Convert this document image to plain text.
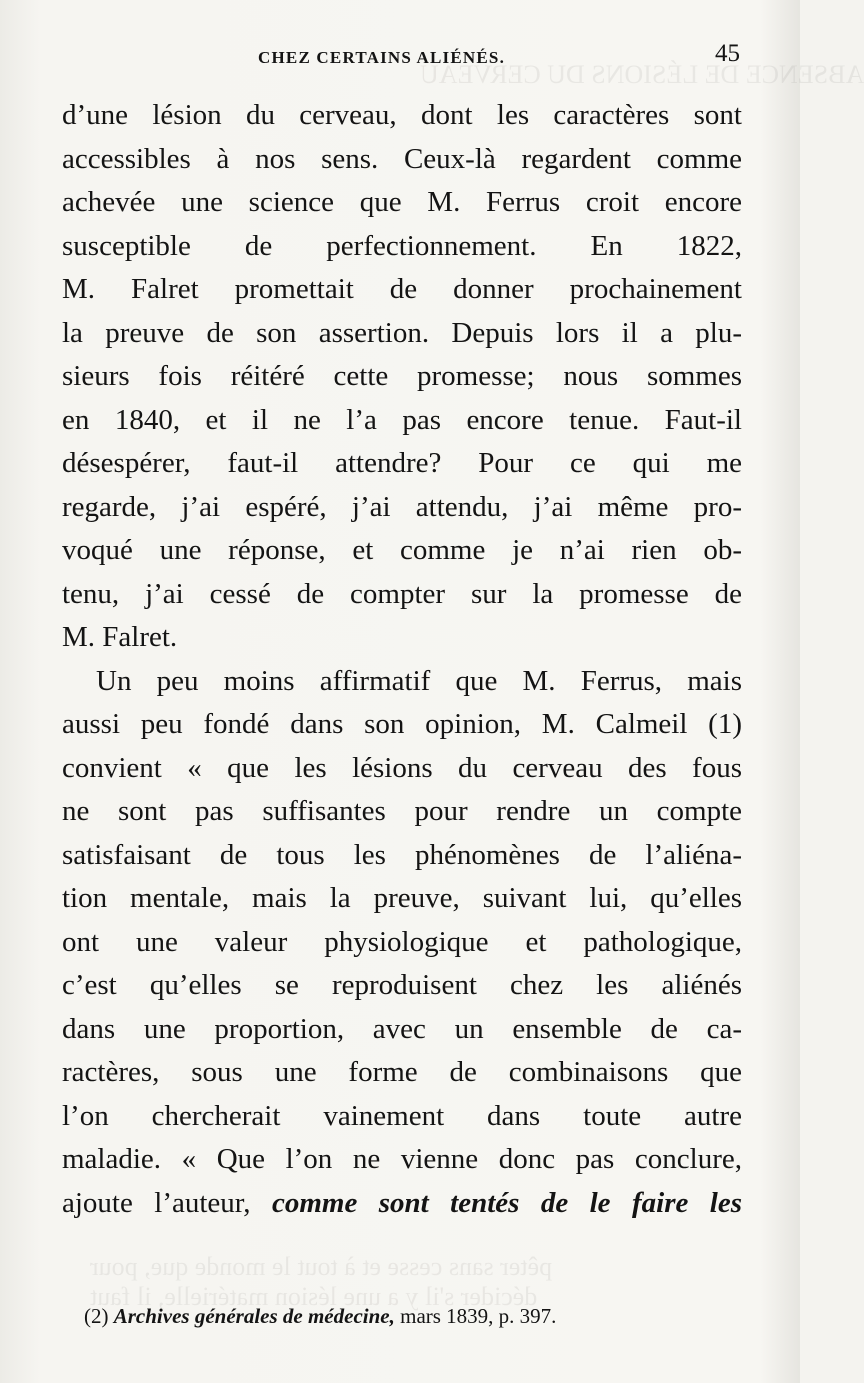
ABSENCE DE LÉSIONS DU CERVEAU
CHEZ CERTAINS ALIÉNÉS.	45
d’une lésion du cerveau, dont les caractères sont
accessibles à nos sens. Ceux-là regardent comme
achevée une science que M. Ferrus croit encore
susceptible de perfectionnement. En 1822,
M. Falret promettait de donner prochainement
la preuve de son assertion. Depuis lors il a plu-
sieurs fois réitéré cette promesse; nous sommes
en 1840, et il ne l’a pas encore tenue. Faut-il
désespérer, faut-il attendre? Pour ce qui me
regarde, j’ai espéré, j’ai attendu, j’ai même pro-
voqué une réponse, et comme je n’ai rien ob-
tenu, j’ai cessé de compter sur la promesse de
M. Falret.
Un peu moins affirmatif que M. Ferrus, mais
aussi peu fondé dans son opinion, M. Calmeil (1)
convient « que les lésions du cerveau des fous
ne sont pas suffisantes pour rendre un compte
satisfaisant de tous les phénomènes de l’aliéna-
tion mentale, mais la preuve, suivant lui, qu’elles
ont une valeur physiologique et pathologique,
c’est qu’elles se reproduisent chez les aliénés
dans une proportion, avec un ensemble de ca-
ractères, sous une forme de combinaisons que
l’on chercherait vainement dans toute autre
maladie. « Que l’on ne vienne donc pas conclure,
ajoute l’auteur, comme sont tentés de le faire les
pêter sans cesse et à tout le monde que, pour
décider s'il y a une lésion matérielle, il faut
(2) Archives générales de médecine, mars 1839, p. 397.
